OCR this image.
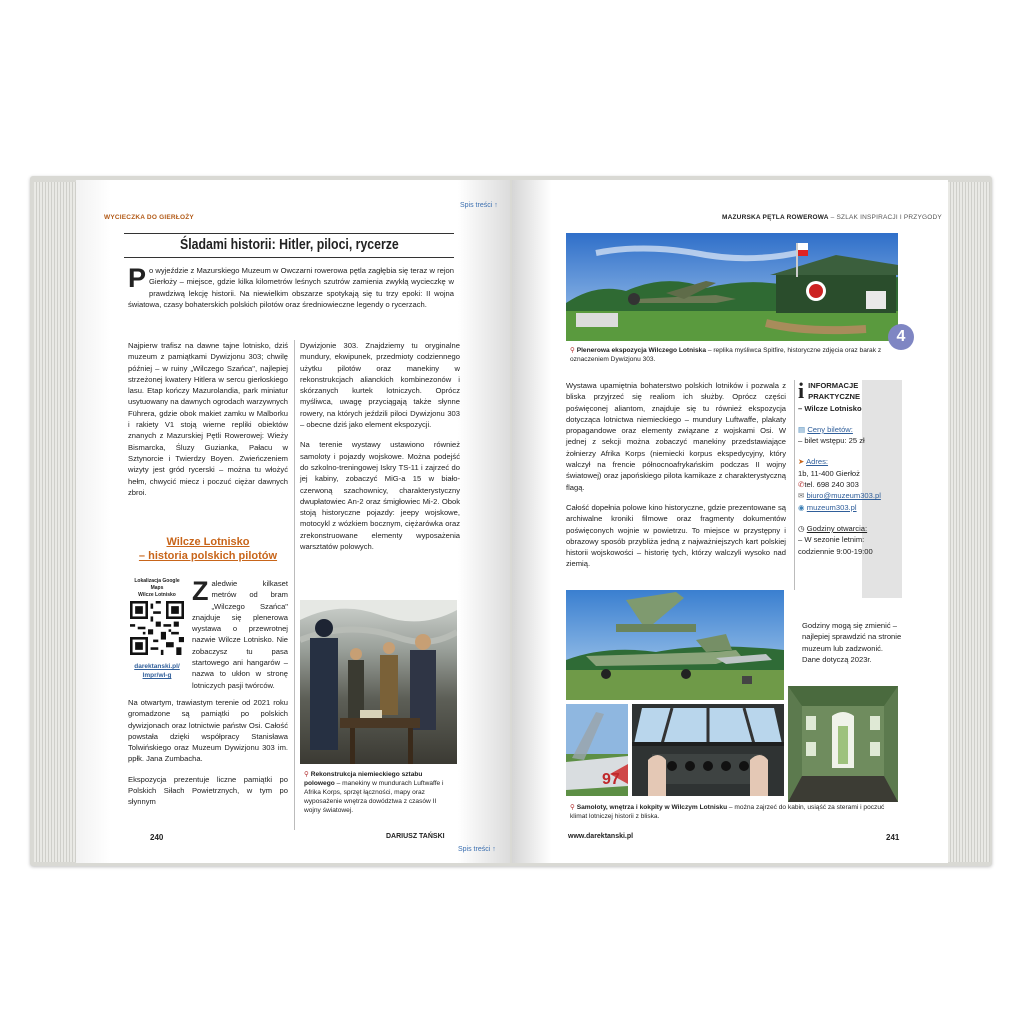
WYCIECZKA DO GIERŁOŻY
Spis treści ↑
Śladami historii: Hitler, piloci, rycerze
Po wyjeździe z Mazurskiego Muzeum w Owczarni rowerowa pętla zagłębia się teraz w rejon Gierłoży – miejsce, gdzie kilka kilometrów leśnych szutrów zamienia zwykłą wycieczkę w prawdziwą lekcję historii. Na niewielkim obszarze spotykają się tu trzy epoki: II wojna światowa, czasy bohaterskich polskich pilotów oraz średniowieczne legendy o rycerzach.

Najpierw trafisz na dawne tajne lotnisko, dziś muzeum z pamiątkami Dywizjonu 303; chwilę później – w ruiny „Wilczego Szańca", najlepiej strzeżonej kwatery Hitlera w sercu gierłoskiego lasu. Etap kończy Mazurolandia, park miniatur usytuowany na dawnych ogrodach warzywnych Führera, gdzie obok makiet zamku w Malborku i rakiety V1 stoją wierne repliki obiektów znanych z Mazurskiej Pętli Rowerowej: Wieży Bismarcka, Śluzy Guzianka, Pałacu w Sztynorcie i Twierdzy Boyen. Zwieńczeniem wizyty jest gród rycerski – można tu włożyć hełm, chwycić miecz i poczuć ciężar dawnych zbroi.

Wilcze Lotnisko
– historia polskich pilotów
Lokalizacja Google Maps
Wilcze Lotnisko
darektanski.pl/
lmpr/wl-g
Zaledwie kilkaset metrów od bram „Wilczego Szańca" znajduje się plenerowa wystawa o przewrotnej nazwie Wilcze Lotnisko. Nie zobaczysz tu pasa startowego ani hangarów – nazwa to ukłon w stronę lotniczych pasji twórców.

Na otwartym, trawiastym terenie od 2021 roku gromadzone są pamiątki po polskich dywizjonach oraz lotnictwie państw Osi. Całość powstała dzięki współpracy Stanisława Tolwińskiego oraz Muzeum Dywizjonu 303 im. ppłk. Jana Zumbacha.

Ekspozycja prezentuje liczne pamiątki po Polskich Siłach Powietrznych, w tym po słynnym

Dywizjonie 303. Znajdziemy tu oryginalne mundury, ekwipunek, przedmioty codziennego użytku pilotów oraz manekiny w rekonstrukcjach alianckich kombinezonów i skórzanych kurtek lotniczych. Oprócz myśliwca, uwagę przyciągają także słynne rowery, na których jeździli piloci Dywizjonu 303 – obecne dziś jako element ekspozycji.

Na terenie wystawy ustawiono również samoloty i pojazdy wojskowe. Można podejść do szkolno-treningowej Iskry TS-11 i zajrzeć do jej kabiny, zobaczyć MiG-a 15 w biało-czerwoną szachownicy, charakterystyczny dwupłatowiec An-2 oraz śmigłowiec Mi-2. Obok stoją historyczne pojazdy: jeepy wojskowe, motocykl z wózkiem bocznym, ciężarówka oraz zrekonstruowane elementy wyposażenia warsztatów polowych.

⚲ Rekonstrukcja niemieckiego sztabu polowego – manekiny w mundurach Luftwaffe i Afrika Korps, sprzęt łączności, mapy oraz wyposażenie wnętrza dowództwa z czasów II wojny światowej.
240	DARIUSZ TAŃSKI
Spis treści ↑
MAZURSKA PĘTLA ROWEROWA – SZLAK INSPIRACJI I PRZYGODY
4
⚲ Plenerowa ekspozycja Wilczego Lotniska – replika myśliwca Spitfire, historyczne zdjęcia oraz barak z oznaczeniem Dywizjonu 303.

Wystawa upamiętnia bohaterstwo polskich lotników i pozwala z bliska przyjrzeć się realiom ich służby. Oprócz części poświęconej aliantom, znajduje się tu również ekspozycja dotycząca lotnictwa niemieckiego – mundury Luftwaffe, plakaty propagandowe oraz elementy związane z wojskami Osi. W jednej z sekcji można zobaczyć manekiny przedstawiające żołnierzy Afrika Korps (niemiecki korpus ekspedycyjny, który walczył na frencie północnoafrykańskim podczas II wojny światowej) oraz japońskiego pilota kamikaze z charakterystyczną flagą.

Całość dopełnia polowe kino historyczne, gdzie prezentowane są archiwalne kroniki filmowe oraz fragmenty dokumentów poświęconych wojnie w powietrzu. To miejsce w przystępny i obrazowy sposób przybliża jedną z najważniejszych kart polskiej historii wojskowości – historię tych, którzy walczyli wysoko nad ziemią.

i INFORMACJE
PRAKTYCZNE
– Wilcze Lotnisko
▤ Ceny biletów:
– bilet wstępu: 25 zł
➤ Adres:
1b, 11-400 Gierłoż
✆tel. 698 240 303
✉ biuro@muzeum303.pl
◉ muzeum303.pl
◷ Godziny otwarcia:
– W sezonie letnim:
codziennie 9:00-19:00
Godziny mogą się zmienić – najlepiej sprawdzić na stronie muzeum lub zadzwonić. Dane dotyczą 2023r.
97
⚲ Samoloty, wnętrza i kokpity w Wilczym Lotnisku – można zajrzeć do kabin, usiąść za sterami i poczuć klimat lotniczej historii z bliska.
www.darektanski.pl	241
